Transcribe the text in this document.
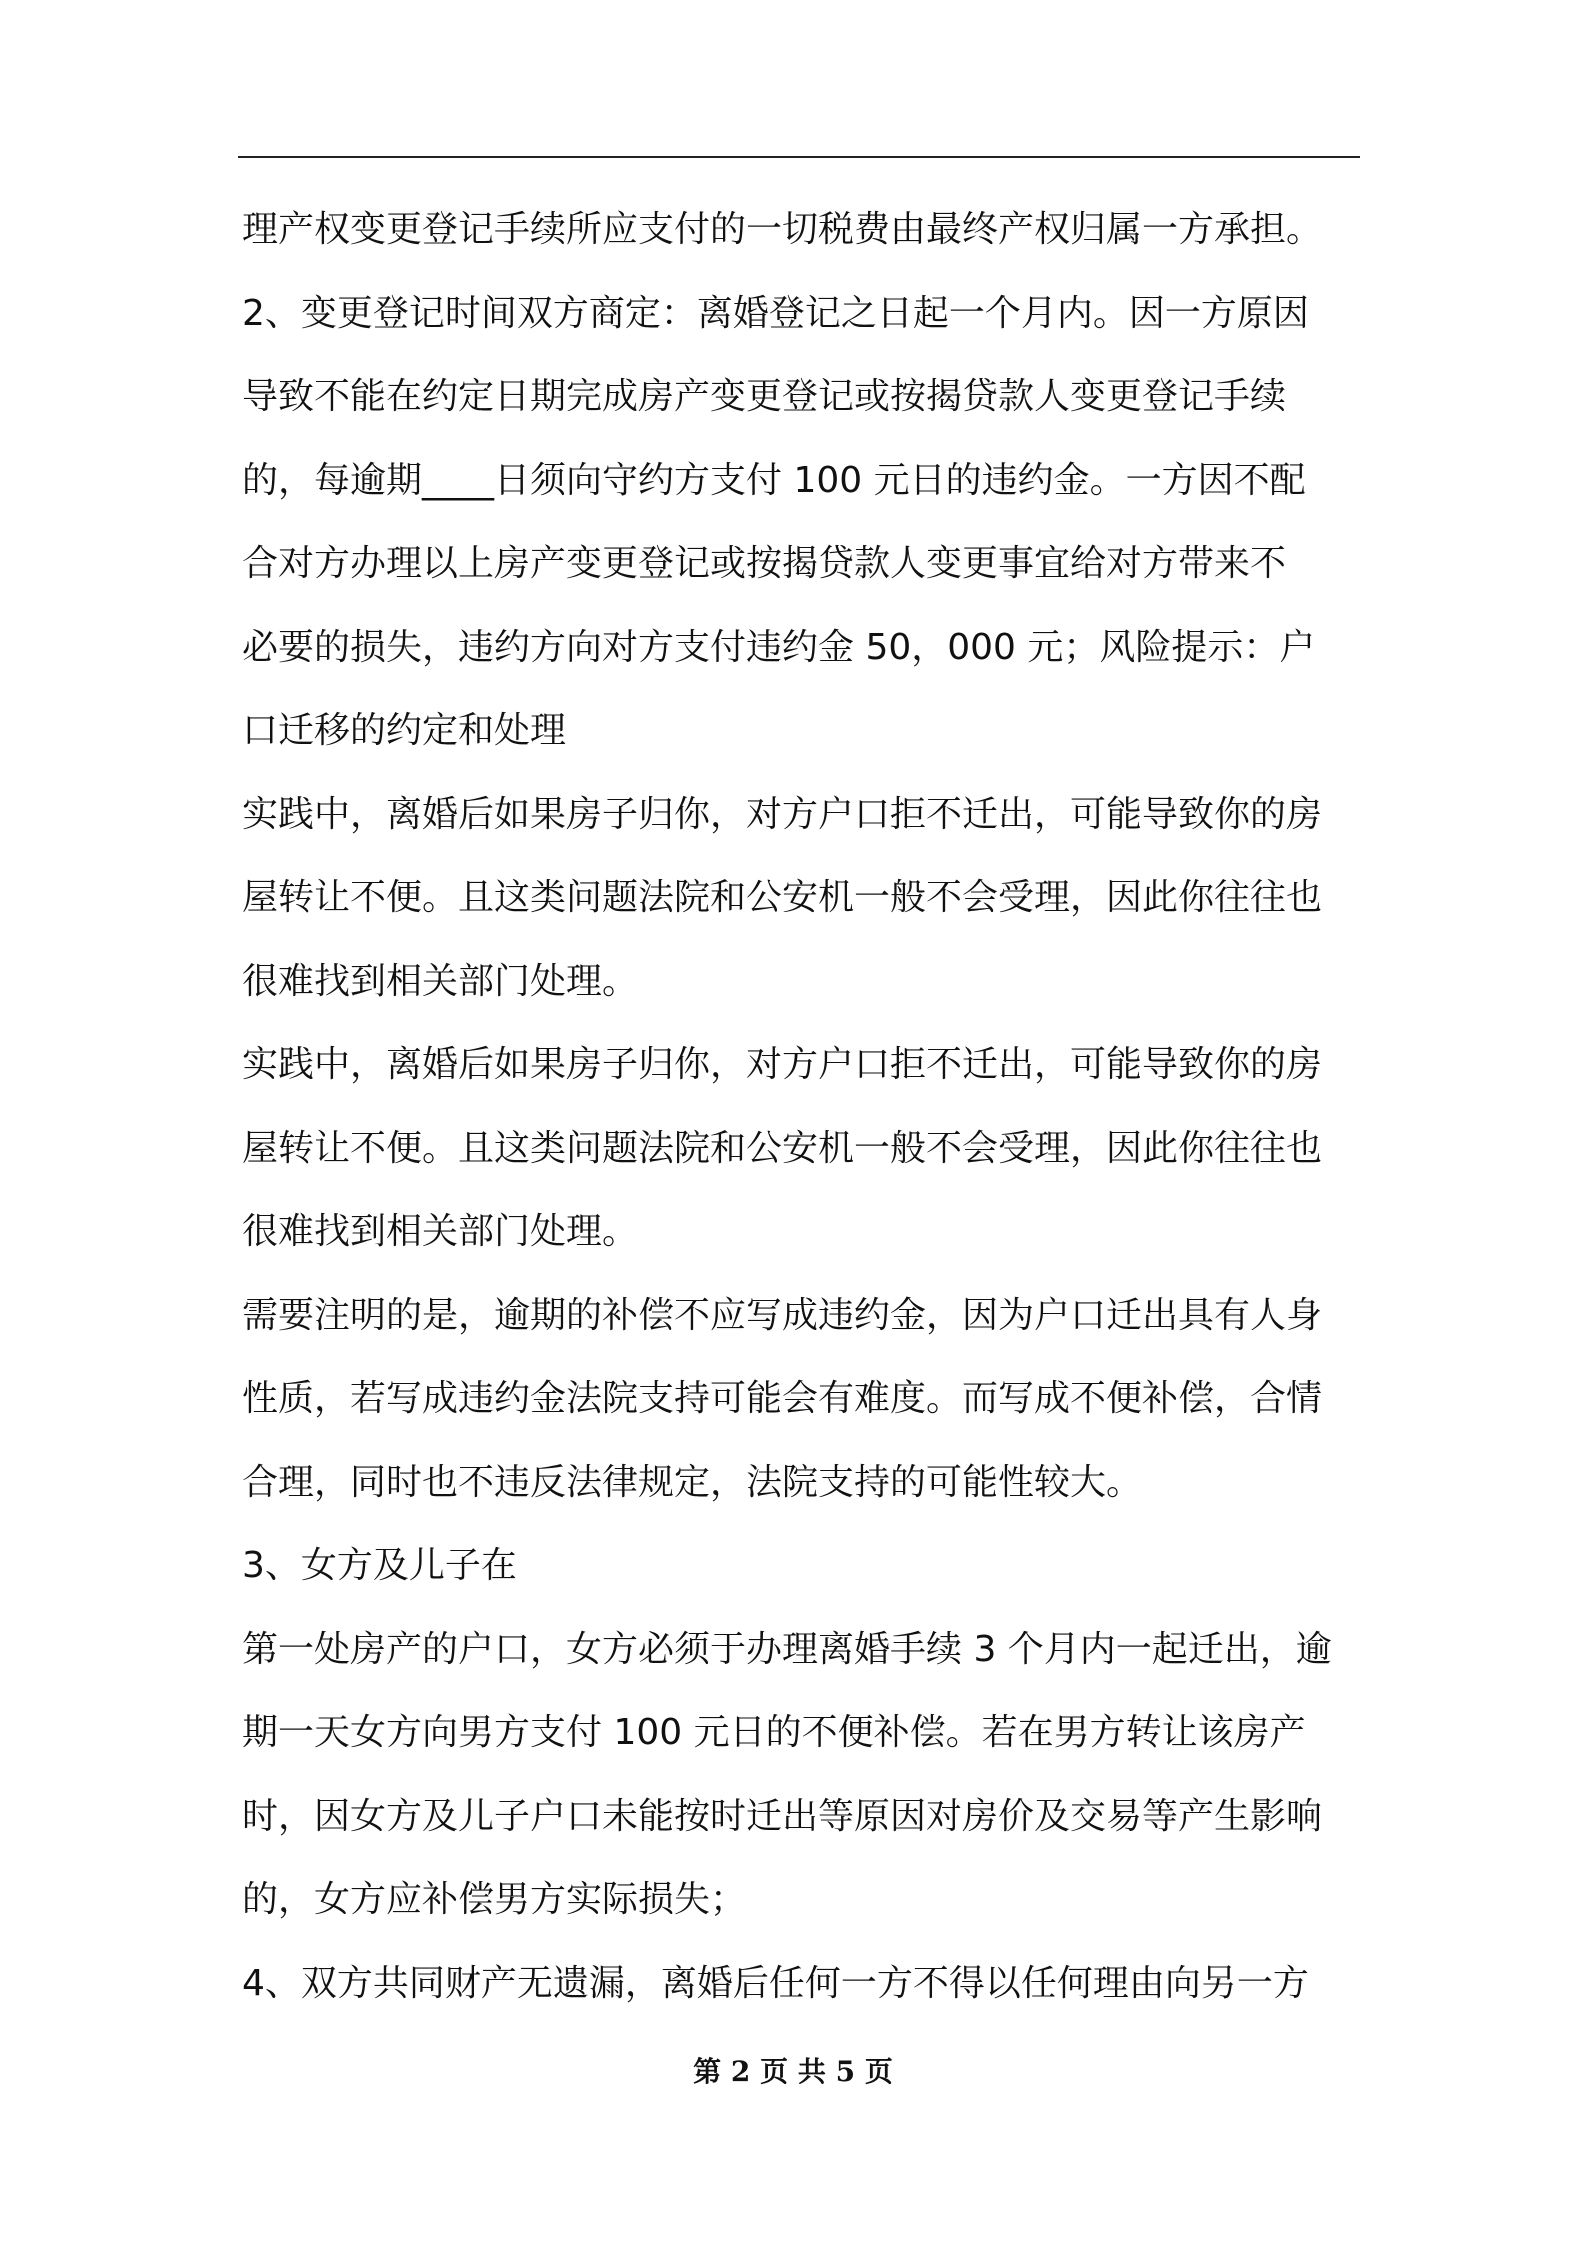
理产权变更登记手续所应支付的一切税费由最终产权归属一方承担。
2、变更登记时间双方商定：离婚登记之日起一个月内。因一方原因
导致不能在约定日期完成房产变更登记或按揭贷款人变更登记手续
的，每逾期____日须向守约方支付 100 元日的违约金。一方因不配
合对方办理以上房产变更登记或按揭贷款人变更事宜给对方带来不
必要的损失，违约方向对方支付违约金 50，000 元；风险提示：户
口迁移的约定和处理
实践中，离婚后如果房子归你，对方户口拒不迁出，可能导致你的房
屋转让不便。且这类问题法院和公安机一般不会受理，因此你往往也
很难找到相关部门处理。
实践中，离婚后如果房子归你，对方户口拒不迁出，可能导致你的房
屋转让不便。且这类问题法院和公安机一般不会受理，因此你往往也
很难找到相关部门处理。
需要注明的是，逾期的补偿不应写成违约金，因为户口迁出具有人身
性质，若写成违约金法院支持可能会有难度。而写成不便补偿，合情
合理，同时也不违反法律规定，法院支持的可能性较大。
3、女方及儿子在
第一处房产的户口，女方必须于办理离婚手续 3 个月内一起迁出，逾
期一天女方向男方支付 100 元日的不便补偿。若在男方转让该房产
时，因女方及儿子户口未能按时迁出等原因对房价及交易等产生影响
的，女方应补偿男方实际损失；
4、双方共同财产无遗漏，离婚后任何一方不得以任何理由向另一方
第 2 页 共 5 页
